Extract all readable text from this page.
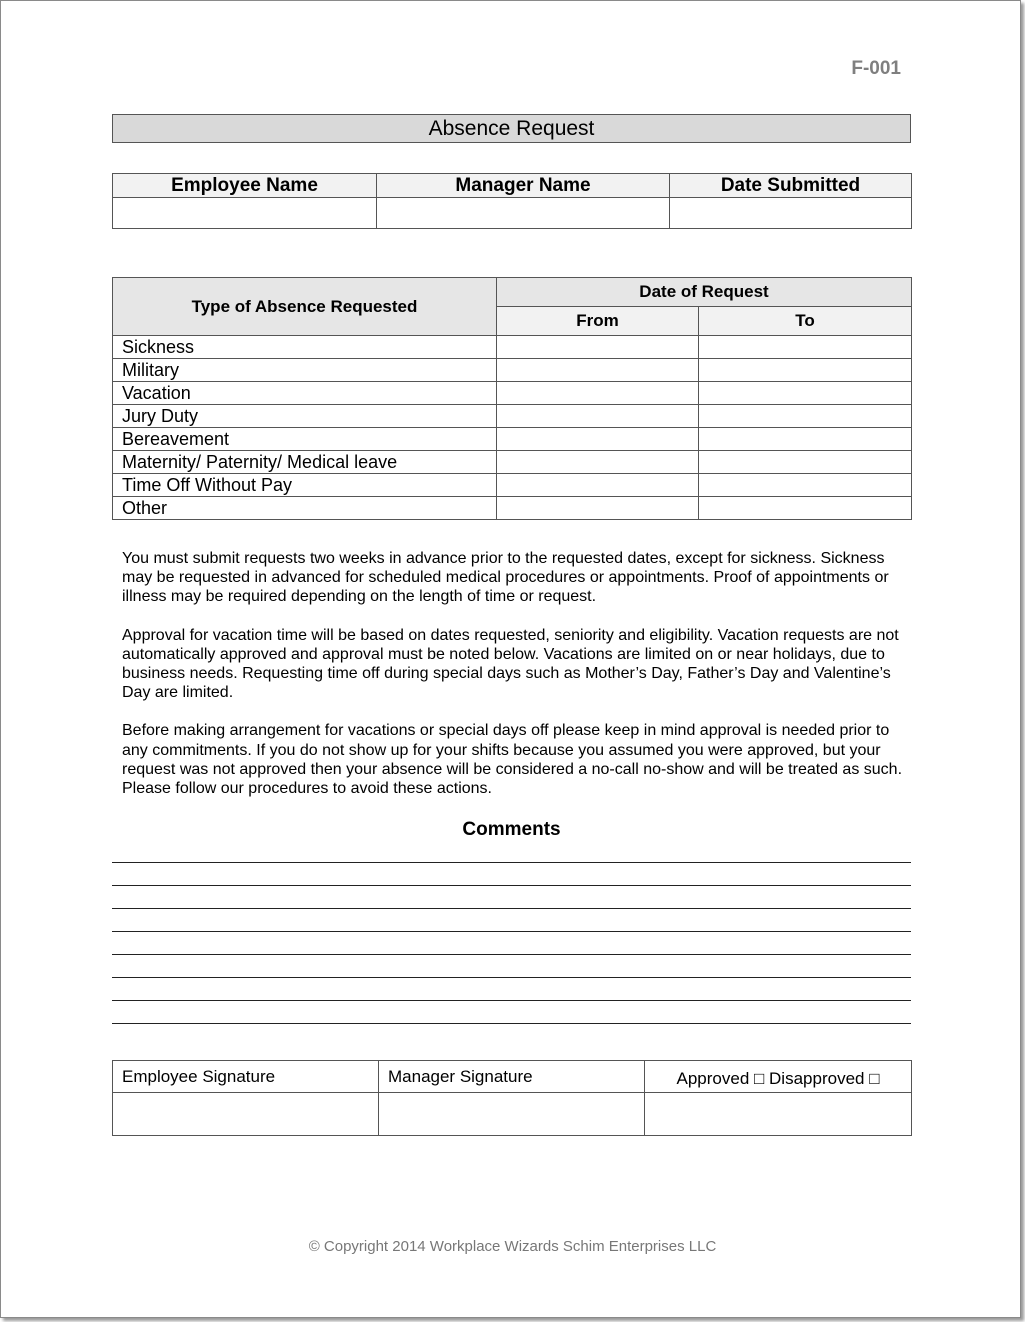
F-001
Absence Request
Employee Name	Manager Name	Date Submitted

Type of Absence Requested	Date of Request	
	From	To
Sickness		
Military		
Vacation		
Jury Duty		
Bereavement		
Maternity/ Paternity/ Medical leave		
Time Off Without Pay		
Other		

You must submit requests two weeks in advance prior to the requested dates, except for sickness. Sickness may be requested in advanced for scheduled medical procedures or appointments. Proof of appointments or illness may be required depending on the length of time or request.

Approval for vacation time will be based on dates requested, seniority and eligibility. Vacation requests are not automatically approved and approval must be noted below. Vacations are limited on or near holidays, due to business needs. Requesting time off during special days such as Mother’s Day, Father’s Day and Valentine’s Day are limited.

Before making arrangement for vacations or special days off please keep in mind approval is needed prior to any commitments. If you do not show up for your shifts because you assumed you were approved, but your request was not approved then your absence will be considered a no-call no-show and will be treated as such. Please follow our procedures to avoid these actions.

Comments
Employee Signature	Manager Signature	Approved □ Disapproved □

© Copyright 2014 Workplace Wizards Schim Enterprises LLC
